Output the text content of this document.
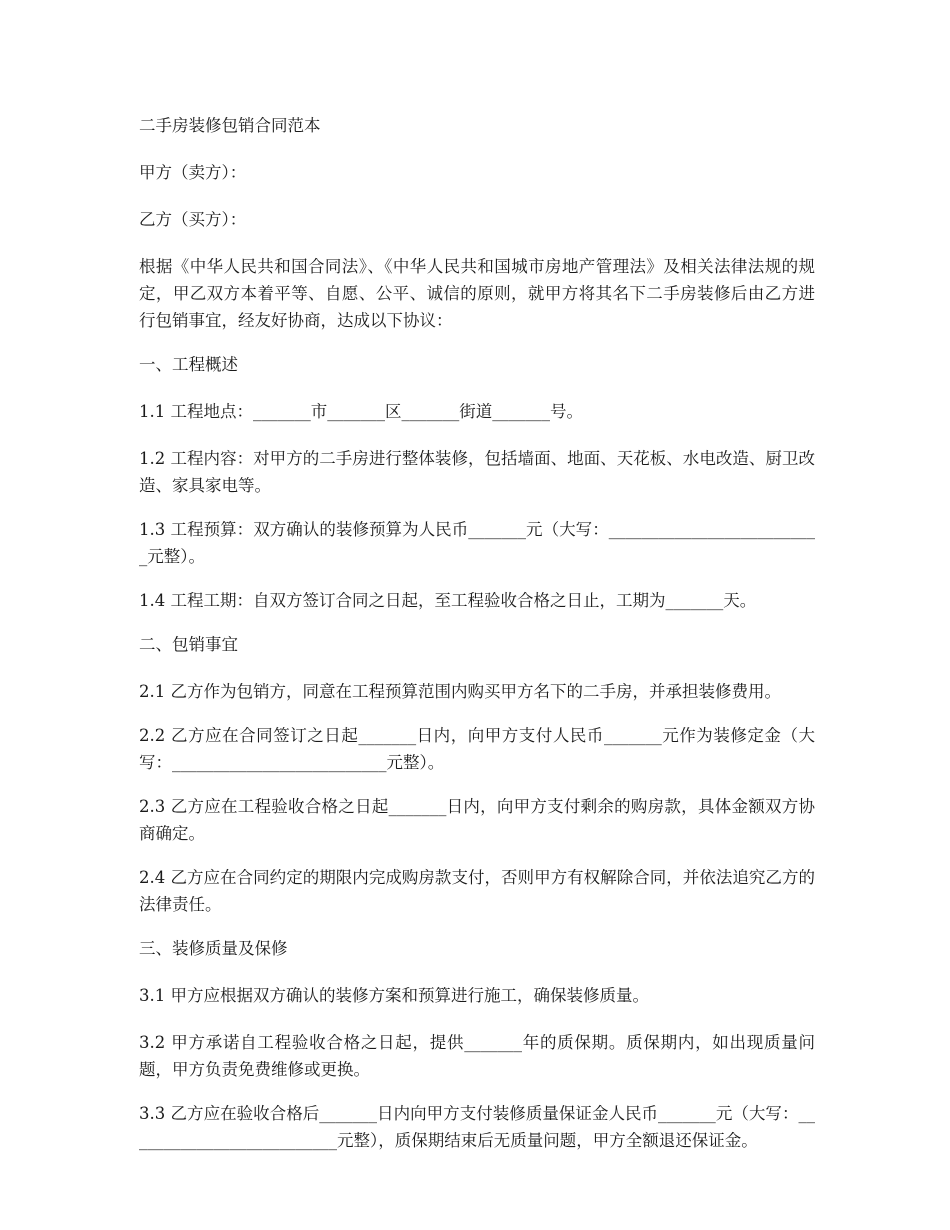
二手房装修包销合同范本

甲方（卖方）：

乙方（买方）：

根据《中华人民共和国合同法》、《中华人民共和国城市房地产管理法》及相关法律法规的规定，甲乙双方本着平等、自愿、公平、诚信的原则，就甲方将其名下二手房装修后由乙方进行包销事宜，经友好协商，达成以下协议：

一、工程概述

1.1 工程地点：_______市_______区_______街道_______号。

1.2 工程内容：对甲方的二手房进行整体装修，包括墙面、地面、天花板、水电改造、厨卫改造、家具家电等。

1.3 工程预算：双方确认的装修预算为人民币_______元（大写：__________________________元整）。

1.4 工程工期：自双方签订合同之日起，至工程验收合格之日止，工期为_______天。

二、包销事宜

2.1 乙方作为包销方，同意在工程预算范围内购买甲方名下的二手房，并承担装修费用。

2.2 乙方应在合同签订之日起_______日内，向甲方支付人民币_______元作为装修定金（大写：__________________________元整）。

2.3 乙方应在工程验收合格之日起_______日内，向甲方支付剩余的购房款，具体金额双方协商确定。

2.4 乙方应在合同约定的期限内完成购房款支付，否则甲方有权解除合同，并依法追究乙方的法律责任。

三、装修质量及保修

3.1 甲方应根据双方确认的装修方案和预算进行施工，确保装修质量。

3.2 甲方承诺自工程验收合格之日起，提供_______年的质保期。质保期内，如出现质量问题，甲方负责免费维修或更换。

3.3 乙方应在验收合格后_______日内向甲方支付装修质量保证金人民币_______元（大写：__________________________元整），质保期结束后无质量问题，甲方全额退还保证金。
